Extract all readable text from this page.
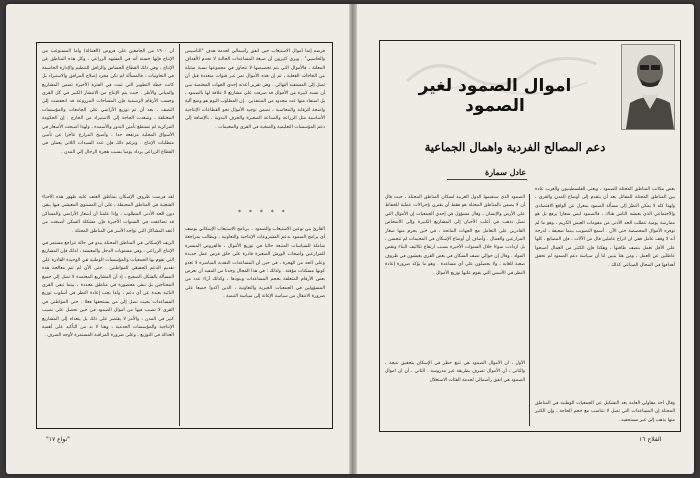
أن ١٩٠٠ من الجامعين على فروض (العمالة) وأما المستوعب من الإنتاج فإنها حسنة أنه في المشهد الزراعي ، وكل هذه المناطق عن الإنتاج ، وفي ذلك القطاع الحساس والرافق للتنظيم والإدارة الحاسمة في التعاونيات ، فالمسألة لم تكن مجرد إصلاح المرافق والاستيراد بل كانت خطة التطوير التي تمت في الفترة الأخيرة تضمن المشاريع والمباني والأطر . حيث يتم الإنتاج من الانتشار الكبير في كل القرى وحسب الأرقام الرسمية فإن المساحات المزروعة قد انخفضت إلى النصف ، بعد أن تم توزيع الأراضي على الجامعات والمؤسسات المختلفة ، وصعدت الحاجة إلى الاستيراد من الخارج . إن الحكومة المركزية لم تستطع تأمين البذور والأسمدة ، ولهذا أصبحت الأسعار في الأسواق المحلية مرتفعة جدا ، وأصبح المزارع عاجزا عن تأمين متطلبات الإنتاج . وبرغم ذلك فإن عدد السيدات اللاتي يعملن في القطاع الزراعي يزداد يوميا بسبب هجرة الرجال إلى المدن .
لقد فرضت ظروف الإسكان بمناطق العنف عليه ظهور هذه الأحياء الشعبية في المناطق المحيطة ، على أن المستوى المعيشي فيها يبقى دون الحد الأدنى المطلوب ، وإذا علمنا أن أسعار الأراضي والمساكن قد تضاعفت في السنوات الأخيرة فإن مشكلة السكن أصبحت من أعقد المشاكل التي تواجه الأسر في المناطق المحتلة .
الريف الإسكاني في المناطق المحتلة يبدو في حالة تتراجع مستمر في الإنتاج الزراعي ، وفي مستويات الدخل والمعيشة ، لذلك فإن المشاريع التي تقوم بها الجمعيات والمؤسسات الوطنية هي الوحيدة القادرة على تقديم الدعم الحقيقي للمواطنين . حتى الآن لم تتم معالجة هذه المسألة بالشكل الصحيح ، إذ أن المشاريع المعتمدة لا تصل إلى جميع المحتاجين بل تبقى محصورة في مناطق محددة ، بينما تبقى القرى النائية بعيدة عن أي دعم ، ولذا يجب إعادة النظر في أسلوب توزيع المساعدات بحيث تصل إلى من يستحقها فعلا . حتى المواطني في القرى لا تصيب فيها من أموال الصمود في حين تحصل على نصيب كبير في المدن ، والأمر لا يقتصر على ذلك بل يتعداه إلى المشاريع الإنتاجية والمؤسسات الخدمية ، وهنا لا بد من التأكيد على أهمية العدالة في التوزيع ، وعلى ضرورة المراقبة المستمرة لأوجه الصرف .
فرضه إنما أموال الاستيعاب حين انفق رأسمالي لخدمة هدف "التأسيس والحاسبي" . ويرى كثيرون أن صيغة المساعدات الحالية لا تخدم الأهداف المعلنة ، فالأموال التي يتم تخصيصها لا تتجاوز في مجموعها نسبة ضئيلة من الحاجات الفعلية ، ثم إن هذه الأموال تمر عبر قنوات متعددة قبل أن تصل إلى المستفيد النهائي . وفي تقرير أعدته إحدى الجهات المختصة تبين أن نسبة كبيرة من الأموال قد صرفت على مشاريع لا علاقة لها بالصمود ، بل استفاد منها عدد محدود من المتنفذين . إن المطلوب اليوم هو وضع آلية واضحة للرقابة والمحاسبة ، تضمن توجيه الأموال نحو القطاعات الإنتاجية الأساسية مثل الزراعة والصناعة الصغيرة والحرف اليدوية ، بالإضافة إلى دعم المؤسسات التعليمية والصحية في القرى والمخيمات .
* * * * *
القارئ بين نوعين الاستيعاب والصمود .. برنامج الاستيعاب الإسكاني يوصف أي برامج الصمود بدعم المشروعات الإنتاجية والتعاونية ، ويطالب بمراجعة شاملة للسياسات المتبعة حاليا في توزيع الأموال ، فالقروض الميسرة للمزارعين وأصحاب الورش الصغيرة قادرة على خلق فرص عمل جديدة وعلى الحد من الهجرة ، في حين أن المساعدات النقدية المباشرة لا تعدو كونها مسكنات مؤقتة . ولذلك : في هذا المجال وجدنا من المفيد أن نعرض بعض الأرقام المتعلقة بحجم المساعدات وبنودها ، وكذلك آراء عدد من المسؤولين في الجمعيات الخيرية والتعاونية ، الذين أكدوا جميعا على ضرورة الانتقال من سياسة الإغاثة إلى سياسة التنمية .
"نواع ١٧"
اموال الصمود لغير الصمود
دعم المصالح الفردية واهمال الجماعية
عادل سمارة
بعض مكاتب المناطق المحتلة للصمود ، ويعنى الفلسطينيون والعرب عادة بين المناطق المحتلة للمقاتل بعد أن يتقدم إلى أوضاع المدن والقرى ، ولهذا كله لا يمكن النظر إلى مسألة الصمود بمعزل عن الواقع الاقتصادي والاجتماعي الذي يعيشه الناس هناك ، فالصمود ليس شعارا يرفع بل هو ممارسة يومية تتطلب الحد الأدنى من مقومات العيش الكريم ، وهو ما لم توفره الأموال المخصصة حتى الآن . أسمع التصويب بينما ضعيفة ، لدرجة أنه لا وقف عامل ففي ان اتراح عاملين قال من الآلات ، فإن المصانع ، كلها على الأقل تعمل بنصف طاقتها ، وهكذا فإن الكثير من العمال أصبحوا عاطلين عن العمل ، ومن هنا يتبين لنا أن سياسة دعم الصمود لم تحقق أهدافها في المجال الصناعي كذلك .
وقال أحد مقاولي العامة بعد التشكيل عن الجمعيات الوطنية في المناطق المحتلة إن المساعدات التي تصل لا تتناسب مع حجم الحاجة ، وإن الكثير منها يذهب إلى غير مستحقيه .
الصمود الذي ستقيمها الدول العربية لسكان المناطق المحتلة ، حيث قال أن لا يضمن بالمناطق المحتلة هو فقط أن يقترن بإجراءات عملية للحفاظ على الأرض والإنسان ، وقال مسؤول في إحدى الجمعيات إن الأموال التي تصل تذهب في أغلب الأحيان إلى المشاريع الكبيرة وإلى الأشخاص القادرين على التعامل مع الجهات المانحة ، في حين يحرم منها صغار المزارعين والعمال . وأضاف أن أوضاع الإسكان في المخيمات لم تتحسن ، بل ازدادت سوءا خلال السنوات الأخيرة بسبب ارتفاع تكاليف البناء ونقص المواد . وقال إن حوالي نصف السكان في بعض القرى يعيشون في ظروف صعبة للغاية ، ولا يحصلون على أي مساعدة . وهو ما يؤكد ضرورة إعادة النظر في الأسس التي يقوم عليها توزيع الأموال .
الأول ، ان الأموال الصمود هي تتبع حظر في الإسكان بتحقيق نتيجة ، والثاني ، أن الأموال تصرف بطريقة غير مدروسة . الثاني ، أن ان اموال الصمود هي انفق رأسمالي لخدمة الفئات الاستغلال
الفلاح ١٦
